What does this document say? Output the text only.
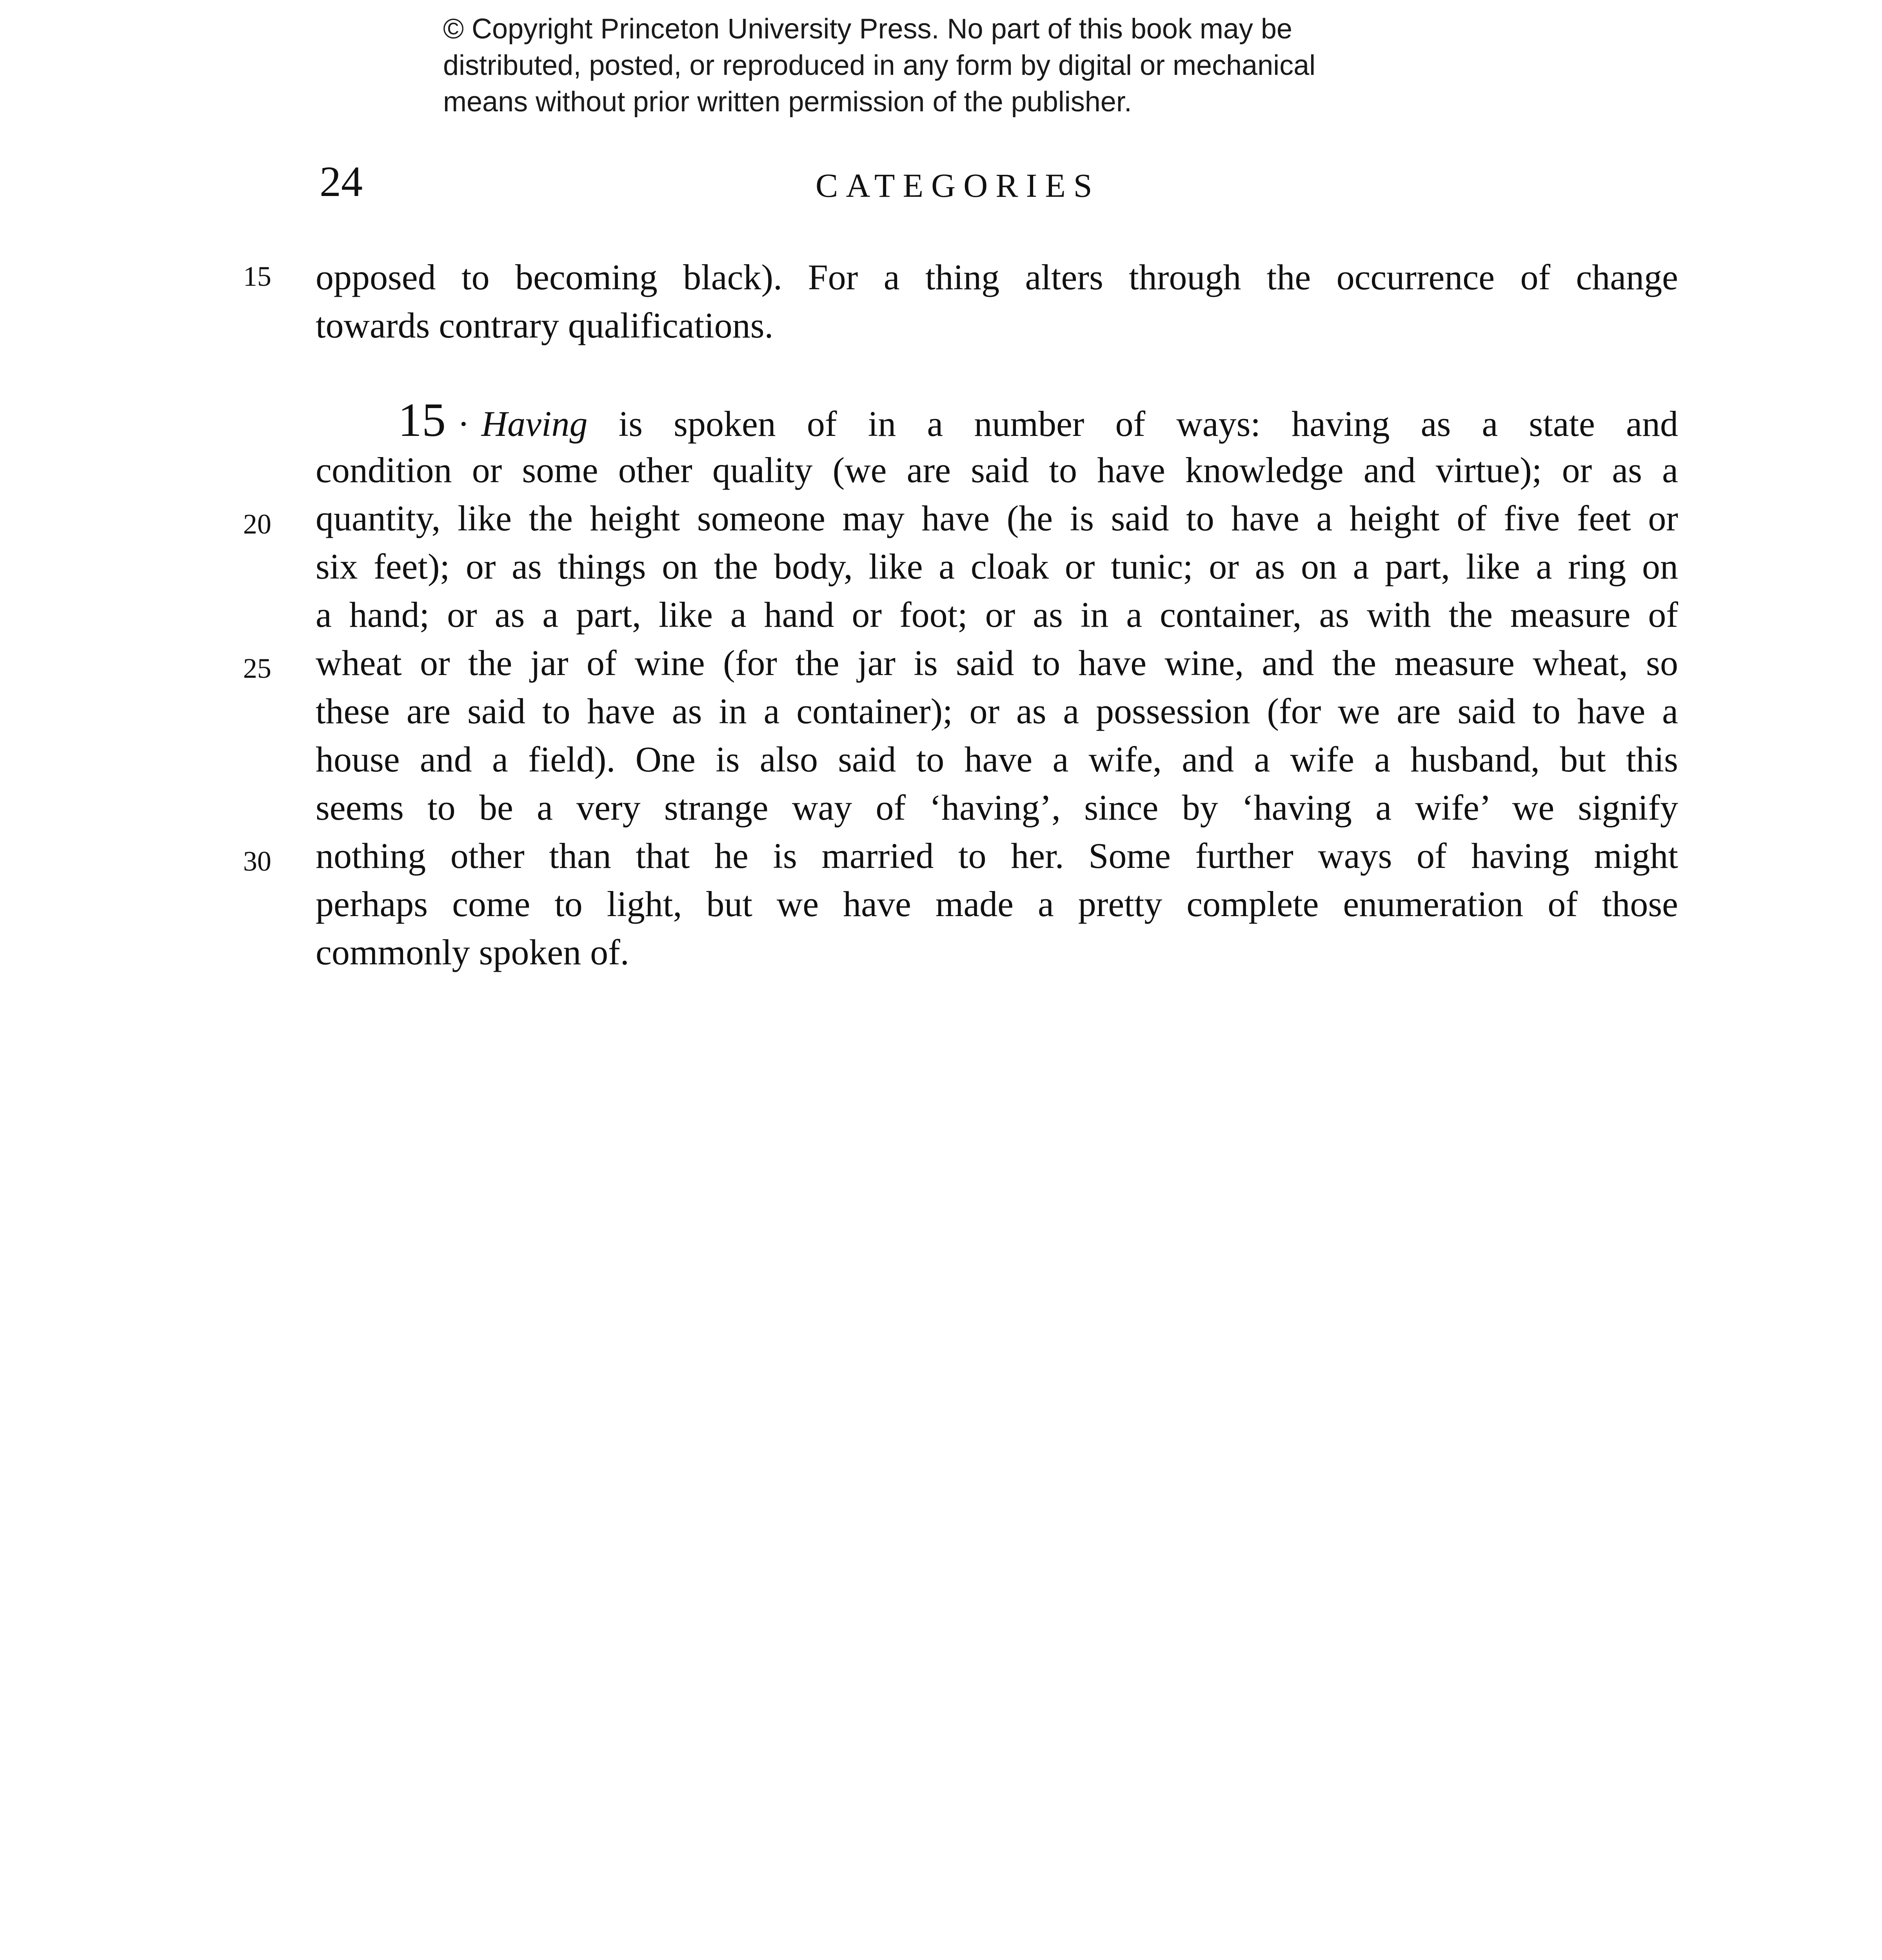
© Copyright Princeton University Press. No part of this book may be
distributed, posted, or reproduced in any form by digital or mechanical
means without prior written permission of the publisher.
24	CATEGORIES
15
20
25
30
opposed to becoming black). For a thing alters through the occurrence of change
towards contrary qualifications.
15 · Having is spoken of in a number of ways: having as a state and
condition or some other quality (we are said to have knowledge and virtue); or as a
quantity, like the height someone may have (he is said to have a height of five feet or
six feet); or as things on the body, like a cloak or tunic; or as on a part, like a ring on
a hand; or as a part, like a hand or foot; or as in a container, as with the measure of
wheat or the jar of wine (for the jar is said to have wine, and the measure wheat, so
these are said to have as in a container); or as a possession (for we are said to have a
house and a field). One is also said to have a wife, and a wife a husband, but this
seems to be a very strange way of ‘having’, since by ‘having a wife’ we signify
nothing other than that he is married to her. Some further ways of having might
perhaps come to light, but we have made a pretty complete enumeration of those
commonly spoken of.
